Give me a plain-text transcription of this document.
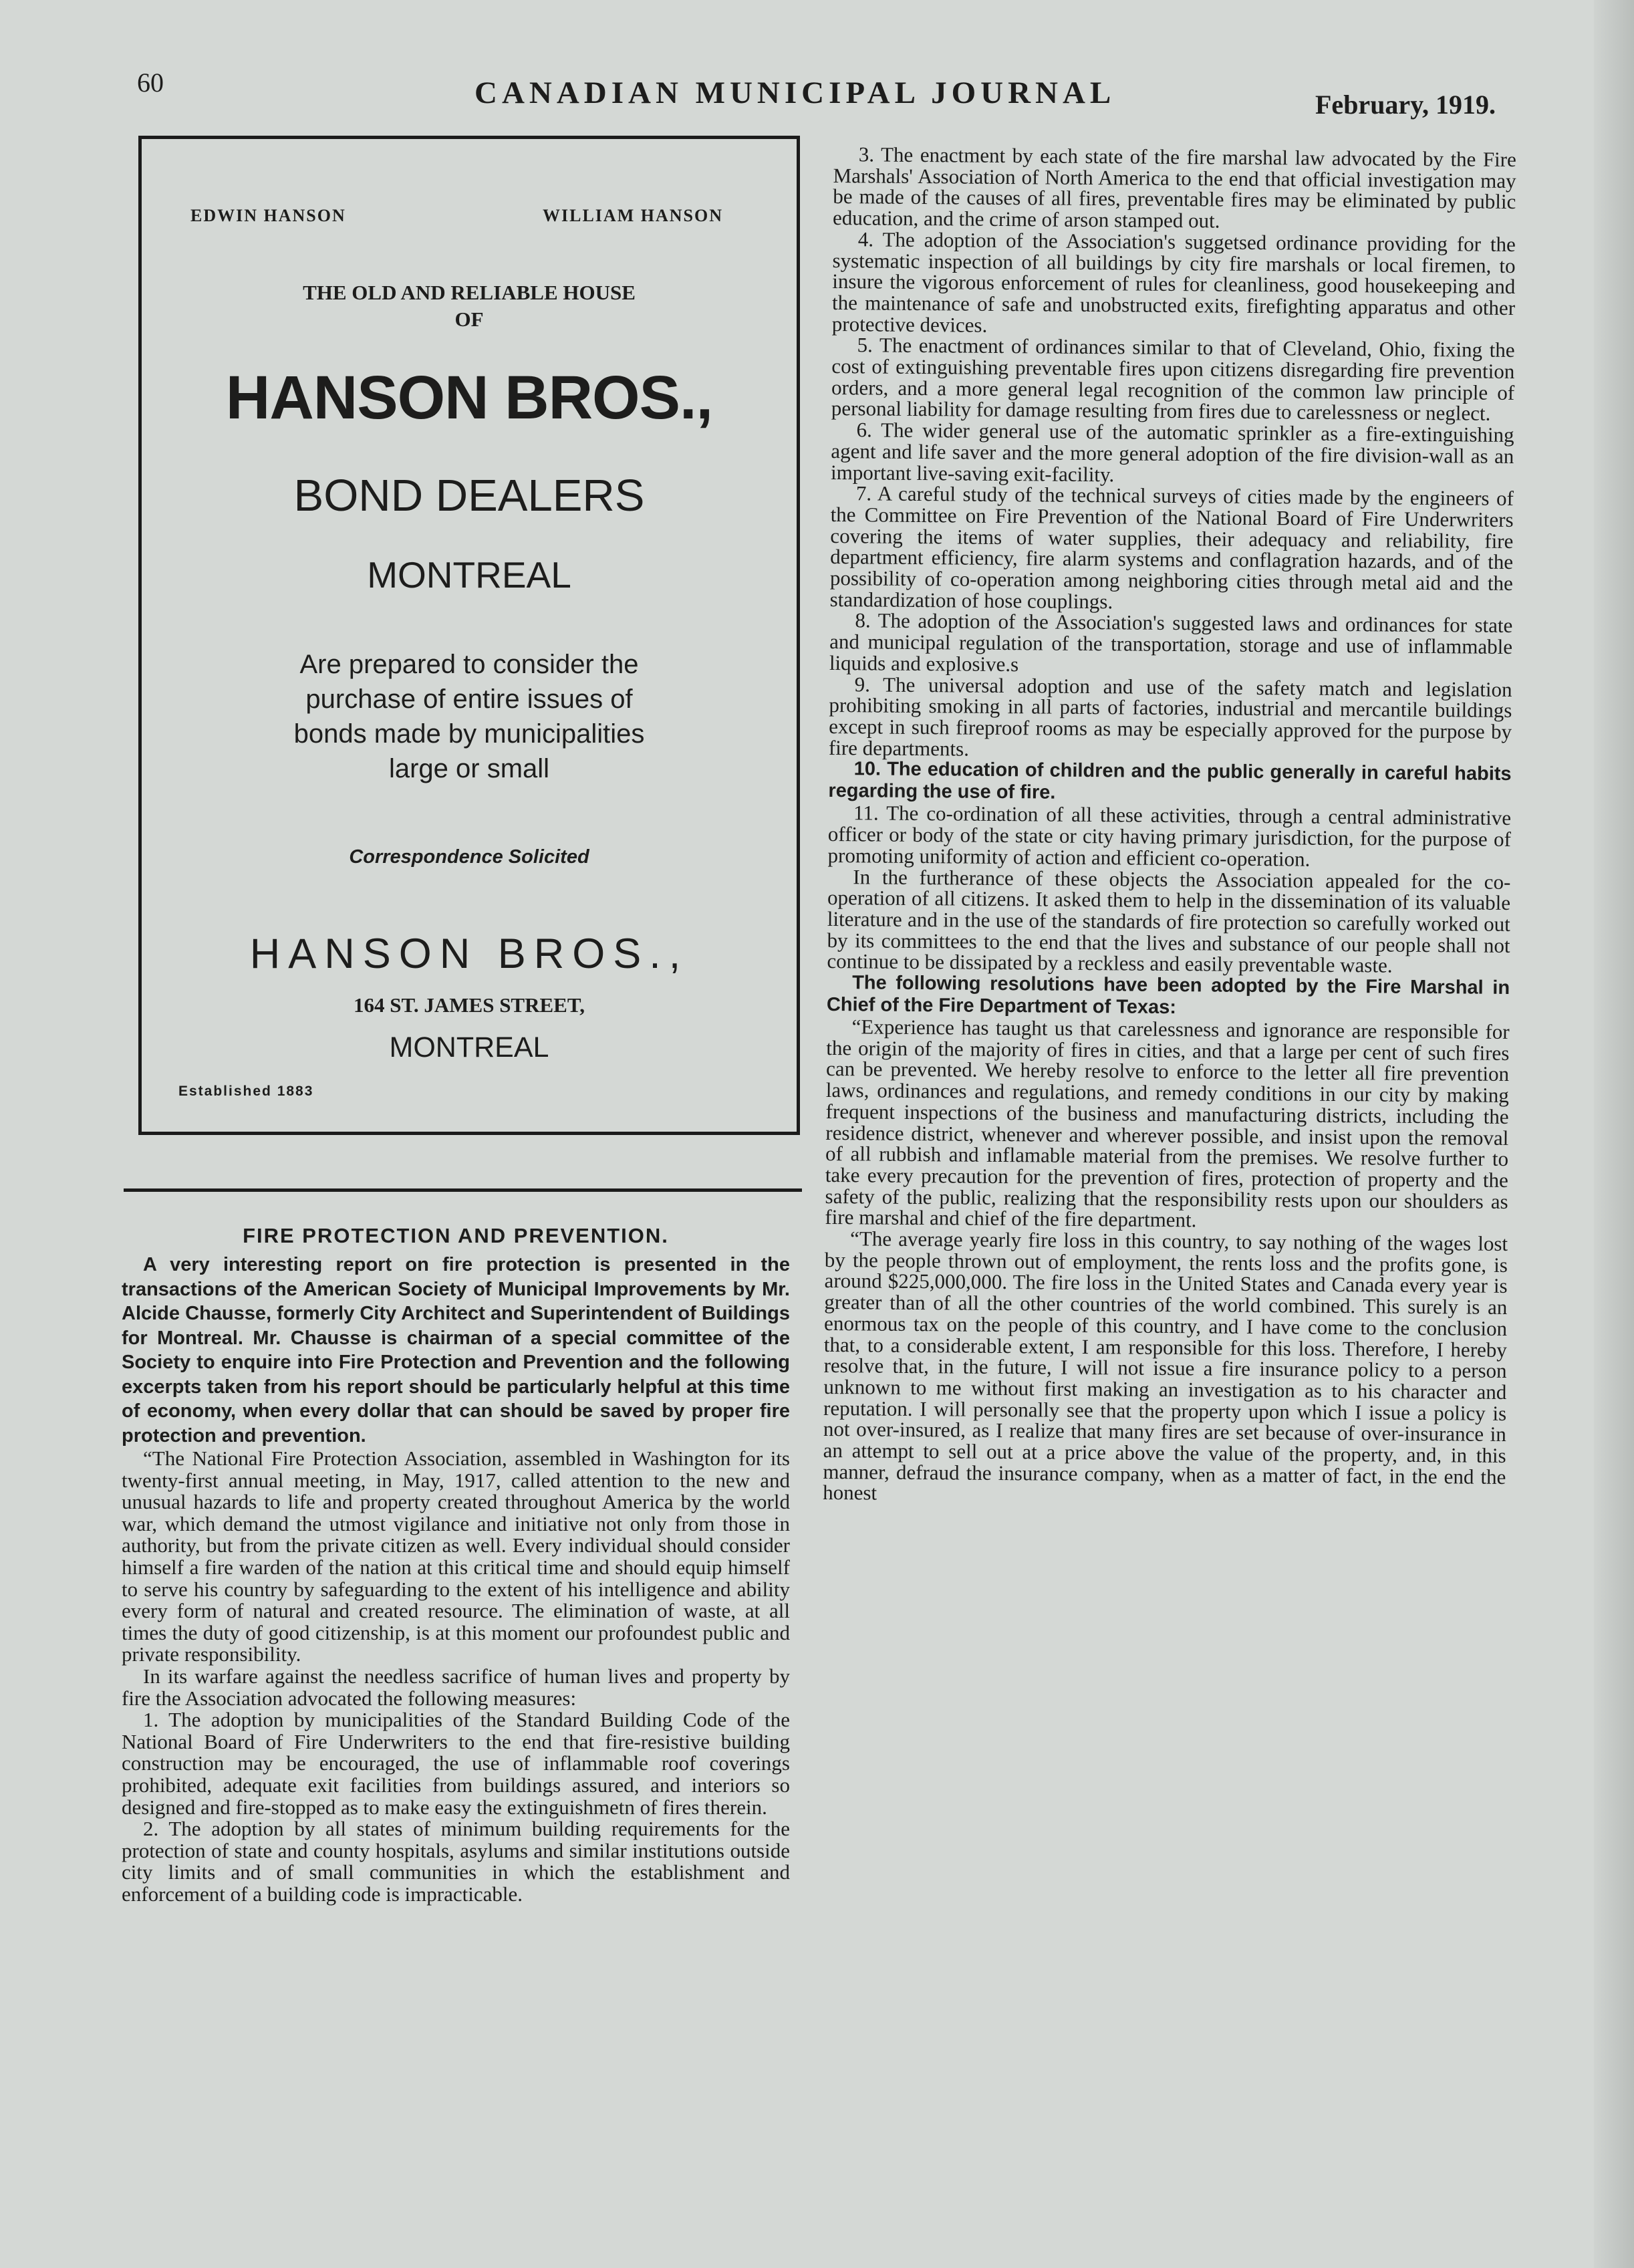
60	CANADIAN MUNICIPAL JOURNAL	February, 1919.
EDWIN HANSON	WILLIAM HANSON
THE OLD AND RELIABLE HOUSE
OF
HANSON BROS.,
BOND DEALERS
MONTREAL
Are prepared to consider the
purchase of entire issues of
bonds made by municipalities
large or small
Correspondence Solicited
HANSON BROS.,
164 ST. JAMES STREET,
MONTREAL
Established 1883
FIRE PROTECTION AND PREVENTION.

A very interesting report on fire protection is presented in the transactions of the American Society of Municipal Improvements by Mr. Alcide Chausse, formerly City Architect and Superintendent of Buildings for Montreal. Mr. Chausse is chairman of a special committee of the Society to enquire into Fire Protection and Prevention and the following excerpts taken from his report should be particularly helpful at this time of economy, when every dollar that can should be saved by proper fire protection and prevention.

“The National Fire Protection Association, assembled in Washington for its twenty-first annual meeting, in May, 1917, called attention to the new and unusual hazards to life and property created throughout America by the world war, which demand the utmost vigilance and initiative not only from those in authority, but from the private citizen as well. Every individual should consider himself a fire warden of the nation at this critical time and should equip himself to serve his country by safeguarding to the extent of his intelligence and ability every form of natural and created resource. The elimination of waste, at all times the duty of good citizenship, is at this moment our profoundest public and private responsibility.

In its warfare against the needless sacrifice of human lives and property by fire the Association advocated the following measures:

1. The adoption by municipalities of the Standard Building Code of the National Board of Fire Underwriters to the end that fire-resistive building construction may be encouraged, the use of inflammable roof coverings prohibited, adequate exit facilities from buildings assured, and interiors so designed and fire-stopped as to make easy the extinguishmetn of fires therein.

2. The adoption by all states of minimum building requirements for the protection of state and county hospitals, asylums and similar institutions outside city limits and of small communities in which the establishment and enforcement of a building code is impracticable.

3. The enactment by each state of the fire marshal law advocated by the Fire Marshals' Association of North America to the end that official investigation may be made of the causes of all fires, preventable fires may be eliminated by public education, and the crime of arson stamped out.

4. The adoption of the Association's suggetsed ordinance providing for the systematic inspection of all buildings by city fire marshals or local firemen, to insure the vigorous enforcement of rules for cleanliness, good housekeeping and the maintenance of safe and unobstructed exits, firefighting apparatus and other protective devices.

5. The enactment of ordinances similar to that of Cleveland, Ohio, fixing the cost of extinguishing preventable fires upon citizens disregarding fire prevention orders, and a more general legal recognition of the common law principle of personal liability for damage resulting from fires due to carelessness or neglect.

6. The wider general use of the automatic sprinkler as a fire-extinguishing agent and life saver and the more general adoption of the fire division-wall as an important live-saving exit-facility.

7. A careful study of the technical surveys of cities made by the engineers of the Committee on Fire Prevention of the National Board of Fire Underwriters covering the items of water supplies, their adequacy and reliability, fire department efficiency, fire alarm systems and conflagration hazards, and of the possibility of co-operation among neighboring cities through metal aid and the standardization of hose couplings.

8. The adoption of the Association's suggested laws and ordinances for state and municipal regulation of the transportation, storage and use of inflammable liquids and explosive.s

9. The universal adoption and use of the safety match and legislation prohibiting smoking in all parts of factories, industrial and mercantile buildings except in such fireproof rooms as may be especially approved for the purpose by fire departments.

10. The education of children and the public generally in careful habits regarding the use of fire.

11. The co-ordination of all these activities, through a central administrative officer or body of the state or city having primary jurisdiction, for the purpose of promoting uniformity of action and efficient co-operation.

In the furtherance of these objects the Association appealed for the co-operation of all citizens. It asked them to help in the dissemination of its valuable literature and in the use of the standards of fire protection so carefully worked out by its committees to the end that the lives and substance of our people shall not continue to be dissipated by a reckless and easily preventable waste.

The following resolutions have been adopted by the Fire Marshal in Chief of the Fire Department of Texas:

“Experience has taught us that carelessness and ignorance are responsible for the origin of the majority of fires in cities, and that a large per cent of such fires can be prevented. We hereby resolve to enforce to the letter all fire prevention laws, ordinances and regulations, and remedy conditions in our city by making frequent inspections of the business and manufacturing districts, including the residence district, whenever and wherever possible, and insist upon the removal of all rubbish and inflamable material from the premises. We resolve further to take every precaution for the prevention of fires, protection of property and the safety of the public, realizing that the responsibility rests upon our shoulders as fire marshal and chief of the fire department.

“The average yearly fire loss in this country, to say nothing of the wages lost by the people thrown out of employment, the rents loss and the profits gone, is around $225,000,000. The fire loss in the United States and Canada every year is greater than of all the other countries of the world combined. This surely is an enormous tax on the people of this country, and I have come to the conclusion that, to a considerable extent, I am responsible for this loss. Therefore, I hereby resolve that, in the future, I will not issue a fire insurance policy to a person unknown to me without first making an investigation as to his character and reputation. I will personally see that the property upon which I issue a policy is not over-insured, as I realize that many fires are set because of over-insurance in an attempt to sell out at a price above the value of the property, and, in this manner, defraud the insurance company, when as a matter of fact, in the end the honest
